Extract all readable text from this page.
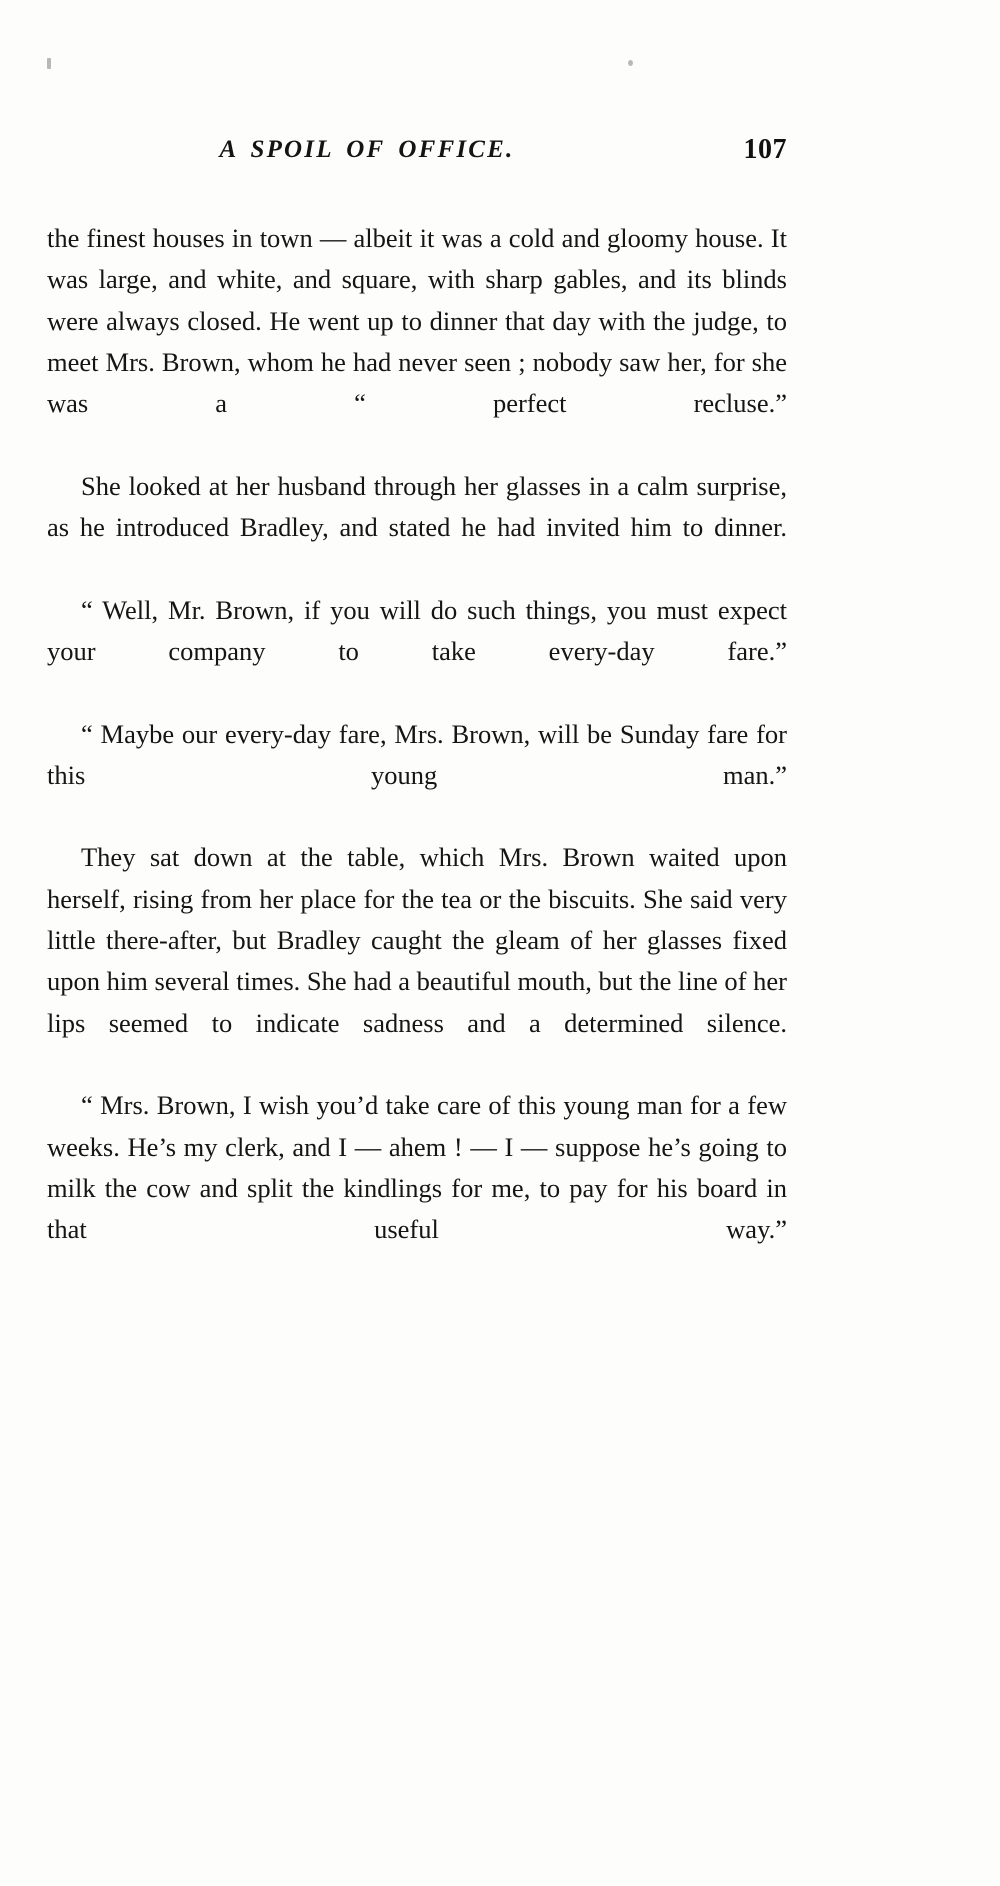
A SPOIL OF OFFICE.	107

the finest houses in town — albeit it was a cold and gloomy house. It was large, and white, and square, with sharp gables, and its blinds were always closed. He went up to dinner that day with the judge, to meet Mrs. Brown, whom he had never seen ; nobody saw her, for she was a “ perfect recluse.”

She looked at her husband through her glasses in a calm surprise, as he introduced Bradley, and stated he had invited him to dinner.

“ Well, Mr. Brown, if you will do such things, you must expect your company to take every-day fare.”

“ Maybe our every-day fare, Mrs. Brown, will be Sunday fare for this young man.”

They sat down at the table, which Mrs. Brown waited upon herself, rising from her place for the tea or the biscuits. She said very little there-after, but Bradley caught the gleam of her glasses fixed upon him several times. She had a beautiful mouth, but the line of her lips seemed to indicate sadness and a determined silence.

“ Mrs. Brown, I wish you’d take care of this young man for a few weeks. He’s my clerk, and I — ahem ! — I — suppose he’s going to milk the cow and split the kindlings for me, to pay for his board in that useful way.”
